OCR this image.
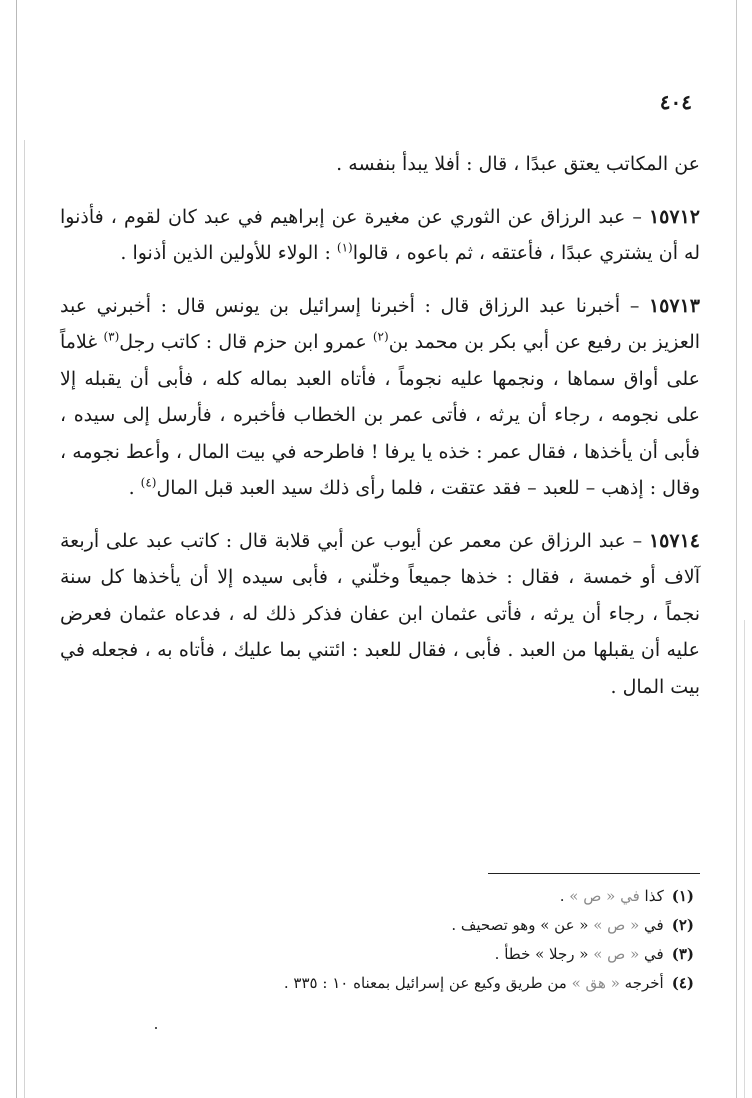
٤٠٤

عن المكاتب يعتق عبدًا ، قال : أفلا يبدأ بنفسه .

١٥٧١٢ – عبد الرزاق عن الثوري عن مغيرة عن إبراهيم في عبد كان لقوم ، فأذنوا له أن يشتري عبدًا ، فأعتقه ، ثم باعوه ، قالوا$^{(١)}$ : الولاء للأولين الذين أذنوا .

١٥٧١٣ – أخبرنا عبد الرزاق قال : أخبرنا إسرائيل بن يونس قال : أخبرني عبد العزيز بن رفيع عن أبي بكر بن محمد بن$^{(٢)}$ عمرو ابن حزم قال : كاتب رجل$^{(٣)}$ غلاماً على أواق سماها ، ونجمها عليه نجوماً ، فأتاه العبد بماله كله ، فأبى أن يقبله إلا على نجومه ، رجاء أن يرثه ، فأتى عمر بن الخطاب فأخبره ، فأرسل إلى سيده ، فأبى أن يأخذها ، فقال عمر : خذه يا يرفا ! فاطرحه في بيت المال ، وأعط نجومه ، وقال : إذهب – للعبد – فقد عتقت ، فلما رأى ذلك سيد العبد قبل المال$^{(٤)}$ .

١٥٧١٤ – عبد الرزاق عن معمر عن أيوب عن أبي قلابة قال : كاتب عبد على أربعة آلاف أو خمسة ، فقال : خذها جميعاً وخلّني ، فأبى سيده إلا أن يأخذها كل سنة نجماً ، رجاء أن يرثه ، فأتى عثمان ابن عفان فذكر ذلك له ، فدعاه عثمان فعرض عليه أن يقبلها من العبد . فأبى ، فقال للعبد : ائتني بما عليك ، فأتاه به ، فجعله في بيت المال .

(١)كذا في « ص » .

(٢)في « ص » « عن » وهو تصحيف .

(٣)في « ص » « رجلا » خطأ .

(٤)أخرجه « هق » من طريق وكيع عن إسرائيل بمعناه ١٠ : ٣٣٥ .
